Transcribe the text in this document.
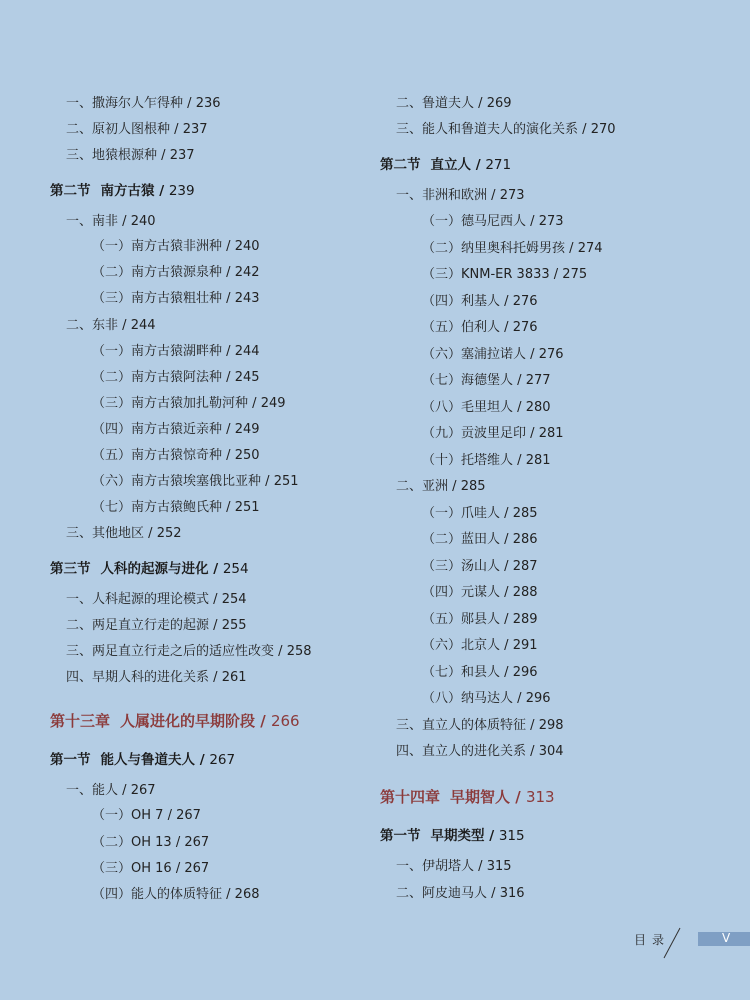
一、撒海尔人乍得种 / 236
二、原初人图根种 / 237
三、地猿根源种 / 237
第二节 南方古猿 / 239
一、南非 / 240
（一）南方古猿非洲种 / 240
（二）南方古猿源泉种 / 242
（三）南方古猿粗壮种 / 243
二、东非 / 244
（一）南方古猿湖畔种 / 244
（二）南方古猿阿法种 / 245
（三）南方古猿加扎勒河种 / 249
（四）南方古猿近亲种 / 249
（五）南方古猿惊奇种 / 250
（六）南方古猿埃塞俄比亚种 / 251
（七）南方古猿鲍氏种 / 251
三、其他地区 / 252
第三节 人科的起源与进化 / 254
一、人科起源的理论模式 / 254
二、两足直立行走的起源 / 255
三、两足直立行走之后的适应性改变 / 258
四、早期人科的进化关系 / 261
第十三章 人属进化的早期阶段 / 266
第一节 能人与鲁道夫人 / 267
一、能人 / 267
（一）OH 7 / 267
（二）OH 13 / 267
（三）OH 16 / 267
（四）能人的体质特征 / 268
二、鲁道夫人 / 269
三、能人和鲁道夫人的演化关系 / 270
第二节 直立人 / 271
一、非洲和欧洲 / 273
（一）德马尼西人 / 273
（二）纳里奥科托姆男孩 / 274
（三）KNM-ER 3833 / 275
（四）利基人 / 276
（五）伯利人 / 276
（六）塞浦拉诺人 / 276
（七）海德堡人 / 277
（八）毛里坦人 / 280
（九）贡波里足印 / 281
（十）托塔维人 / 281
二、亚洲 / 285
（一）爪哇人 / 285
（二）蓝田人 / 286
（三）汤山人 / 287
（四）元谋人 / 288
（五）郧县人 / 289
（六）北京人 / 291
（七）和县人 / 296
（八）纳马达人 / 296
三、直立人的体质特征 / 298
四、直立人的进化关系 / 304
第十四章 早期智人 / 313
第一节 早期类型 / 315
一、伊胡塔人 / 315
二、阿皮迪马人 / 316
目录	V
